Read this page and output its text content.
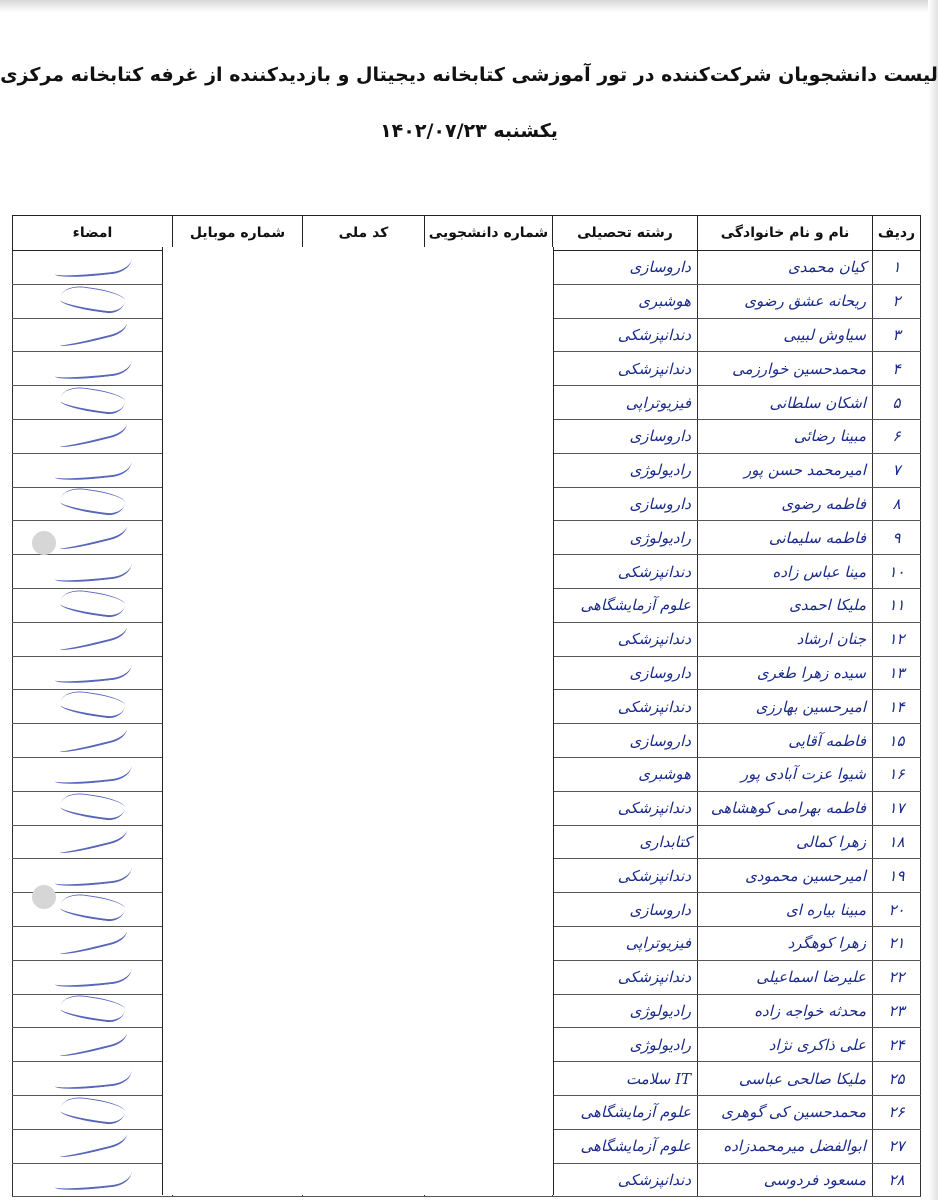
لیست دانشجویان شرکت‌کننده در تور آموزشی کتابخانه دیجیتال و بازدیدکننده از غرفه کتابخانه مرکزی
یکشنبه ۱۴۰۲/۰۷/۲۳
ردیف	نام و نام خانوادگی	رشته تحصیلی	شماره دانشجویی	کد ملی	شماره موبایل	امضاء
۱	کیان محمدی	داروسازی				
۲	ریحانه عشق رضوی	هوشبری				
۳	سیاوش لبیبی	دندانپزشکی				
۴	محمدحسین خوارزمی	دندانپزشکی				
۵	اشکان سلطانی	فیزیوتراپی				
۶	مبینا رضائی	داروسازی				
۷	امیرمحمد حسن پور	رادیولوژی				
۸	فاطمه رضوی	داروسازی				
۹	فاطمه سلیمانی	رادیولوژی				
۱۰	مینا عباس زاده	دندانپزشکی				
۱۱	ملیکا احمدی	علوم آزمایشگاهی				
۱۲	جنان ارشاد	دندانپزشکی				
۱۳	سیده زهرا طغری	داروسازی				
۱۴	امیرحسین بهارزی	دندانپزشکی				
۱۵	فاطمه آقایی	داروسازی				
۱۶	شیوا عزت آبادی پور	هوشبری				
۱۷	فاطمه بهرامی کوهشاهی	دندانپزشکی				
۱۸	زهرا کمالی	کتابداری				
۱۹	امیرحسین محمودی	دندانپزشکی				
۲۰	مبینا بیاره ای	داروسازی				
۲۱	زهرا کوهگرد	فیزیوتراپی				
۲۲	علیرضا اسماعیلی	دندانپزشکی				
۲۳	محدثه خواجه زاده	رادیولوژی				
۲۴	علی ذاکری نژاد	رادیولوژی				
۲۵	ملیکا صالحی عباسی	IT سلامت				
۲۶	محمدحسین کی گوهری	علوم آزمایشگاهی				
۲۷	ابوالفضل میرمحمدزاده	علوم آزمایشگاهی				
۲۸	مسعود فردوسی	دندانپزشکی				
